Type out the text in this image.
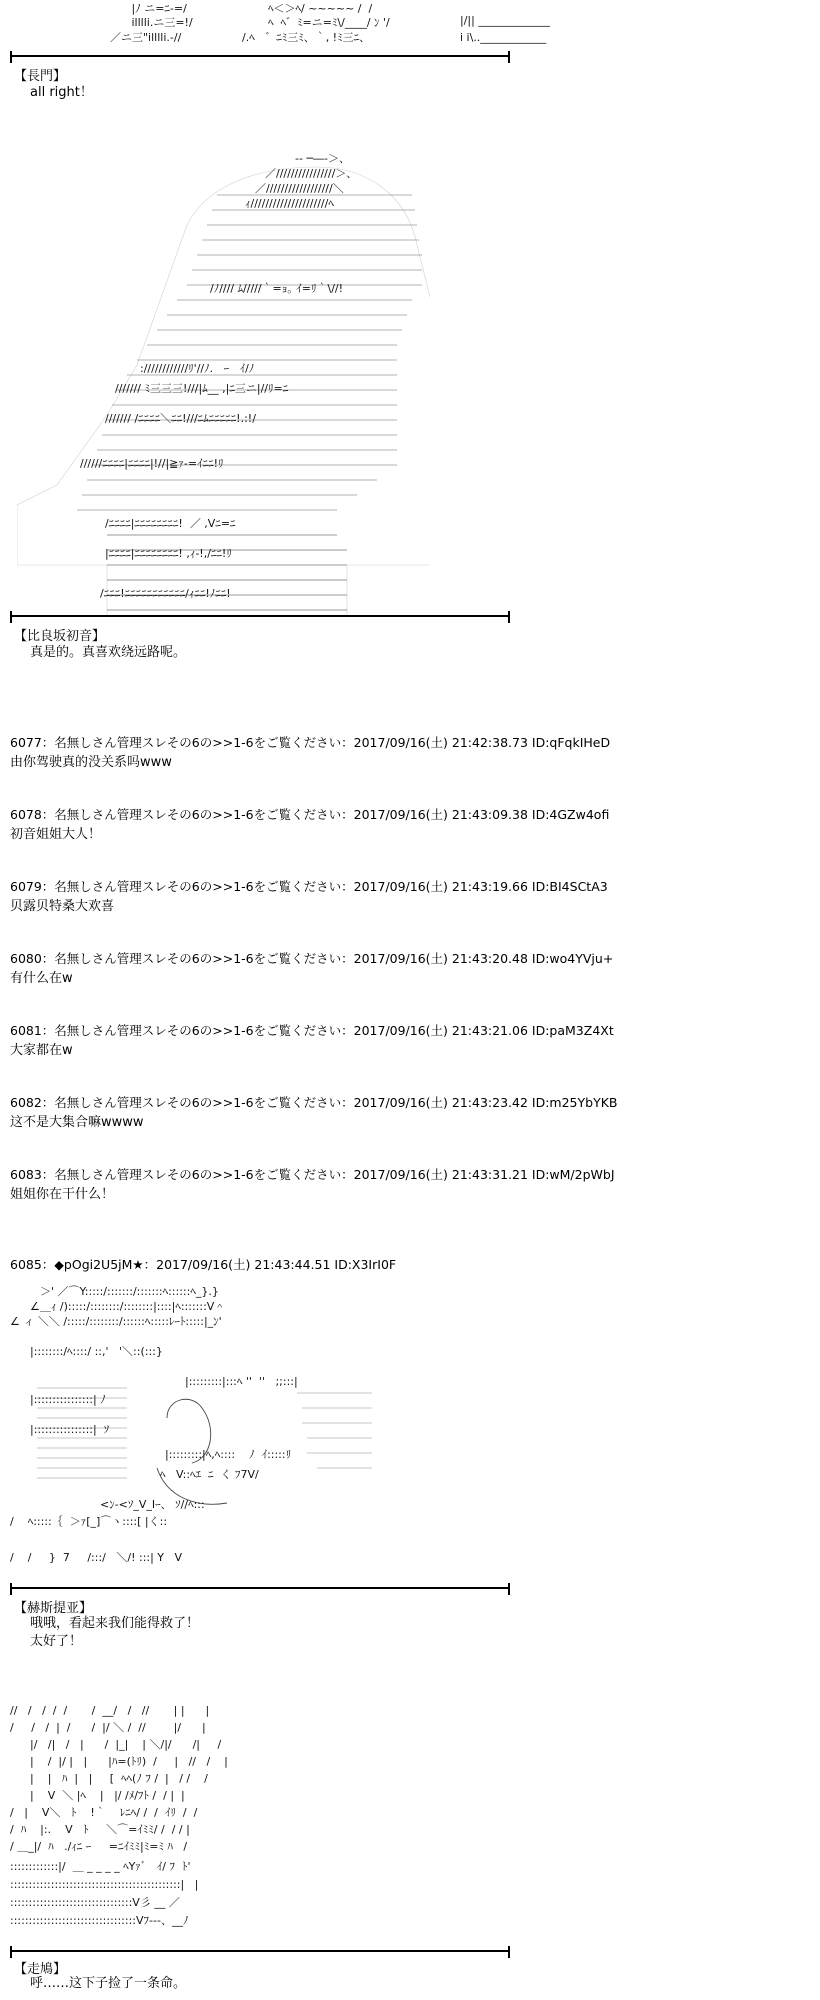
|ﾉ ニ=ﾆ-=/

illlli.ニ三=!/

／ニ三"illlli.-//

ﾍ＜＞ﾍ/ ~~~~~ /  /

ﾍ  ﾍ゛ﾐ=ニ=ﾐ\/____/ ﾝ '/

/.ﾍ   ゛ﾆﾐ三ﾐ、｀, !ﾐ三ﾆ、

|/|| _____________

i i\..____________

【長門】
all right！

-- ─―-＞、

／////////////////＞、

／//////////////////＼

ｨ/////////////////////ﾍ

/ﾉ//// ﾑ/////｀=ｮ｡ ｲ=ﾘ｀\//!

:////////////ﾘ'//ﾉ.   ｰ   ｲ/ﾉ

/////// ﾐ三三三!///|ﾑ__ ,|ﾆ三ニ|//ﾘ=ﾆ

/////// /ﾆﾆﾆﾆ＼ﾆﾆ!///ﾆﾑﾆﾆﾆﾆﾆ!.:!/

//////ﾆﾆﾆﾆ|ﾆﾆﾆﾆ|!//|≧ｧ-=ｲﾆﾆ!ﾘ

/ﾆﾆﾆﾆ|ﾆﾆﾆﾆﾆﾆﾆﾆ!  ／ ,Ⅴﾆ=ﾆ

|ﾆﾆﾆﾆ|ﾆﾆﾆﾆﾆﾆﾆﾆ! ,ｨ-!,/ﾆﾆ!ﾘ

/ﾆﾆﾆ!ﾆﾆﾆﾆﾆﾆﾆﾆﾆﾆﾆ/ｨﾆﾆ!ﾉﾆﾆ!

【比良坂初音】
真是的。真喜欢绕远路呢。
6077：名無しさん管理スレその6の>>1-6をご覧ください：2017/09/16(土) 21:42:38.73 ID:qFqkIHeD
由你驾驶真的没关系吗www
6078：名無しさん管理スレその6の>>1-6をご覧ください：2017/09/16(土) 21:43:09.38 ID:4GZw4ofi
初音姐姐大人！
6079：名無しさん管理スレその6の>>1-6をご覧ください：2017/09/16(土) 21:43:19.66 ID:BI4SCtA3
贝露贝特桑大欢喜
6080：名無しさん管理スレその6の>>1-6をご覧ください：2017/09/16(土) 21:43:20.48 ID:wo4YVju+
有什么在w
6081：名無しさん管理スレその6の>>1-6をご覧ください：2017/09/16(土) 21:43:21.06 ID:paM3Z4Xt
大家都在w
6082：名無しさん管理スレその6の>>1-6をご覧ください：2017/09/16(土) 21:43:23.42 ID:m25YbYKB
这不是大集合嘛wwww
6083：名無しさん管理スレその6の>>1-6をご覧ください：2017/09/16(土) 21:43:31.21 ID:wM/2pWbJ
姐姐你在干什么！
6085：◆pOgi2U5jM★：2017/09/16(土) 21:43:44.51 ID:X3IrI0F

＞' ／⌒Y:::::/:::::::/:::::::ﾍ::::::ﾍ_}.}

∠＿ｨ /):::::/::::::::/::::::::|::::|ﾍ:::::::V＾

∠ ィ ＼＼ /:::::/::::::::/::::::ﾍ:::::ﾚｰﾄ:::::|_ﾝ'

|::::::::/ﾍ::::/ ::,'   '＼::(:::}

|::::::::::::::::| ﾉ

|::::::::::::::::|  ｿ

|:::::::::|:::ﾍ ''  ''   ;;:::|

|:::::::::|ﾍ,ﾍ::::    ﾉ  ｲ:::::ﾘ

ﾍ   V::ﾍｴ  ﾆ  く ﾌ7V/

<ﾝ-<ｿ_V_Iｰ、 ｿ//ﾍ:::

/    ﾍ:::::｛  ＞ｧ[_]⌒ヽ::::[ |く::

/    /     }  7     /:::/   ＼/! :::| Y   V

【赫斯提亚】
哦哦，看起来我们能得救了！
太好了！

//   /   /  /  /       /  __/   /   //       | |      |

/     /   /  |  /      /  |/ ＼ /  //        |/      |

|/   /|   /   |      /  |_|    | ＼/|/      /|     /

|    /  |/ |   |      |ﾊ=(ﾄﾘ)  /     |   //   /    |

|    |   ﾊ  |   |     [  ﾍﾍ(ﾉ ﾌ /  |   / /    /

|    V  ＼ |ﾍ    |   |/ /ﾒ/ﾌﾄ /  / |  |

/   |    V＼   ﾄ    !｀    ﾚﾆﾍ/ /  /  ｲﾘ  /  /

/  ﾊ    |:.    V   ﾄ     ＼⌒=ｲﾐﾐ/ /  / / |

/ ＿_|/  ﾊ   ./ｨﾆ ｰ     =ﾆｲﾐﾐ|ﾐ=ﾐ ﾊ   /

:::::::::::::|/  ＿ _ _ _ _ ﾍYｧﾞ   ｲ/ ﾌ  ﾄ'

::::::::::::::::::::::::::::::::::::::::::::::|   |

:::::::::::::::::::::::::::::::::V彡 __ ／

::::::::::::::::::::::::::::::::::Vﾌ---、__ﾉ

【走鳩】
呼……这下子捡了一条命。
